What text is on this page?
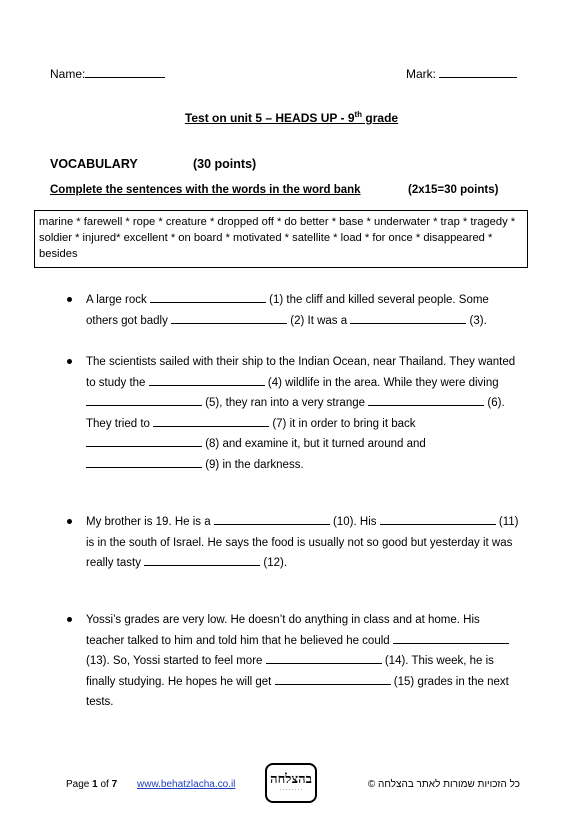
Name:	Mark:
Test on unit 5 – HEADS UP - 9th grade
VOCABULARY	(30 points)
Complete the sentences with the words in the word bank	(2x15=30 points)
marine * farewell * rope * creature * dropped off * do better * base * underwater * trap * tragedy * soldier * injured* excellent * on board * motivated * satellite * load * for once * disappeared * besides
A large rock	(1) the cliff and killed several people. Some
others got badly	(2) It was a	(3).
The scientists sailed with their ship to the Indian Ocean, near Thailand. They wanted
to study the	(4) wildlife in the area. While they were diving
(5), they ran into a very strange	(6).
They tried to	(7) it in order to bring it back
(8) and examine it, but it turned around and
(9) in the darkness.
My brother is 19. He is a	(10). His	(11)
is in the south of Israel. He says the food is usually not so good but yesterday it was
really tasty	(12).
Yossi’s grades are very low. He doesn’t do anything in class and at home. His
teacher talked to him and told him that he believed he could
(13). So, Yossi started to feel more	(14). This week, he is
finally studying. He hopes he will get	(15) grades in the next
tests.
Page 1 of 7 www.behatzlacha.co.il	בהצלחה
· · · · · · · ·	כל הזכויות שמורות לאתר בהצלחה ©
